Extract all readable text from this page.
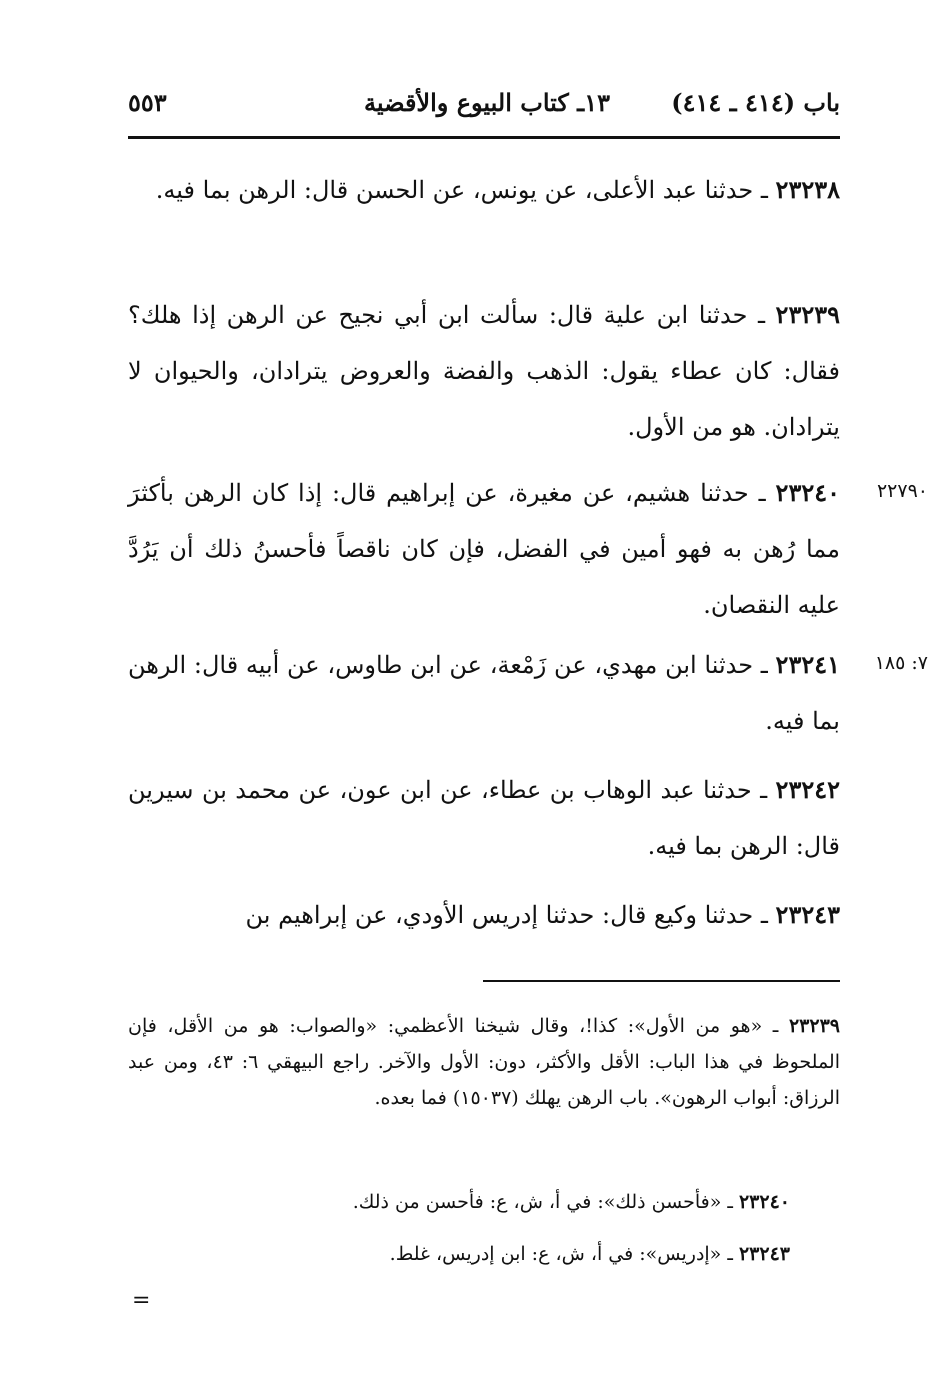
باب (٤١٤ ـ ٤١٤)
١٣ـ كتاب البيوع والأقضية
٥٥٣
٢٣٢٣٨ ـ حدثنا عبد الأعلى، عن يونس، عن الحسن قال: الرهن بما فيه.
٢٣٢٣٩ ـ حدثنا ابن علية قال: سألت ابن أبي نجيح عن الرهن إذا هلك؟ فقال: كان عطاء يقول: الذهب والفضة والعروض يترادان، والحيوان لا يترادان. هو من الأول.
٢٢٧٩٠
٢٣٢٤٠ ـ حدثنا هشيم، عن مغيرة، عن إبراهيم قال: إذا كان الرهن بأكثرَ مما رُهن به فهو أمين في الفضل، فإن كان ناقصاً فأحسنُ ذلك أن يَرُدَّ عليه النقصان.
٧: ١٨٥
٢٣٢٤١ ـ حدثنا ابن مهدي، عن زَمْعة، عن ابن طاوس، عن أبيه قال: الرهن بما فيه.
٢٣٢٤٢ ـ حدثنا عبد الوهاب بن عطاء، عن ابن عون، عن محمد بن سيرين قال: الرهن بما فيه.
٢٣٢٤٣ ـ حدثنا وكيع قال: حدثنا إدريس الأودي، عن إبراهيم بن
٢٣٢٣٩ ـ «هو من الأول»: كذا!، وقال شيخنا الأعظمي: «والصواب: هو من الأقل، فإن الملحوظ في هذا الباب: الأقل والأكثر، دون: الأول والآخر. راجع البيهقي ٦: ٤٣، ومن عبد الرزاق: أبواب الرهون». باب الرهن يهلك (١٥٠٣٧) فما بعده.
٢٣٢٤٠ ـ «فأحسن ذلك»: في أ، ش، ع: فأحسن من ذلك.
٢٣٢٤٣ ـ «إدريس»: في أ، ش، ع: ابن إدريس، غلط.
=
